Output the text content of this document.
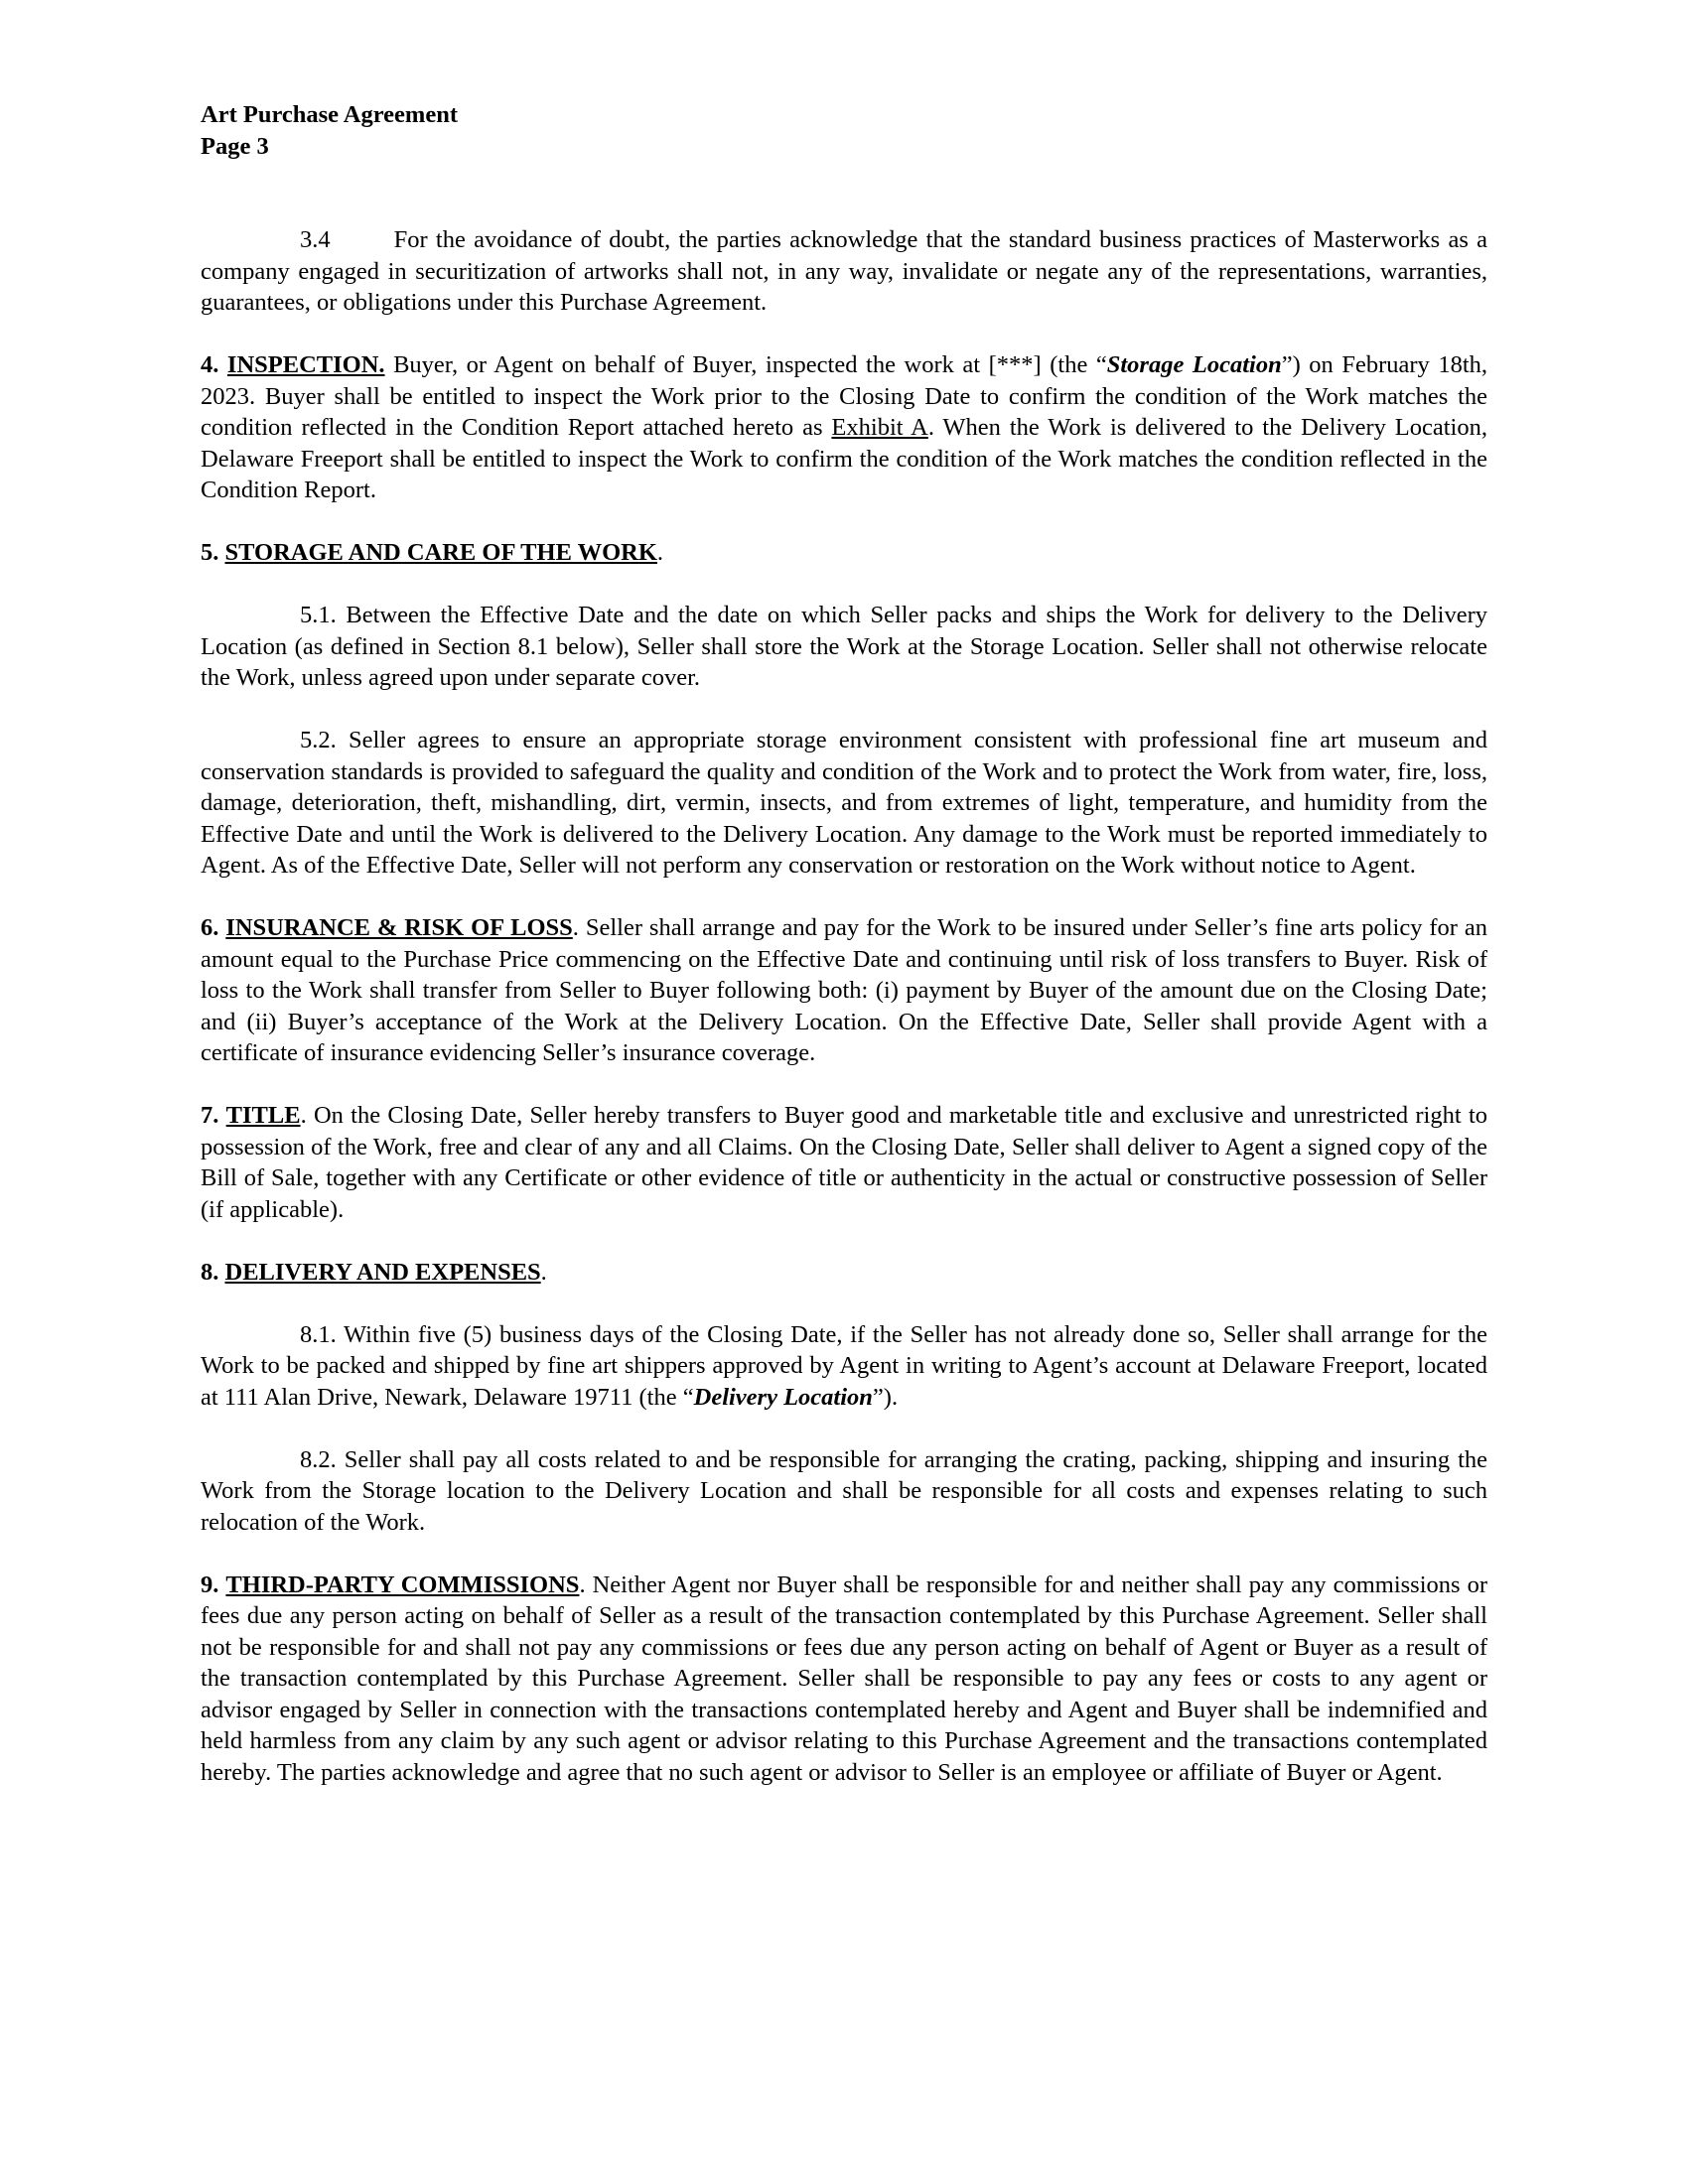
Art Purchase Agreement
Page 3

3.4	For the avoidance of doubt, the parties acknowledge that the standard business practices of Masterworks as a company engaged in securitization of artworks shall not, in any way, invalidate or negate any of the representations, warranties, guarantees, or obligations under this Purchase Agreement.

4. INSPECTION. Buyer, or Agent on behalf of Buyer, inspected the work at [***] (the “Storage Location”) on February 18th, 2023. Buyer shall be entitled to inspect the Work prior to the Closing Date to confirm the condition of the Work matches the condition reflected in the Condition Report attached hereto as Exhibit A. When the Work is delivered to the Delivery Location, Delaware Freeport shall be entitled to inspect the Work to confirm the condition of the Work matches the condition reflected in the Condition Report.

5. STORAGE AND CARE OF THE WORK.

5.1. Between the Effective Date and the date on which Seller packs and ships the Work for delivery to the Delivery Location (as defined in Section 8.1 below), Seller shall store the Work at the Storage Location. Seller shall not otherwise relocate the Work, unless agreed upon under separate cover.

5.2. Seller agrees to ensure an appropriate storage environment consistent with professional fine art museum and conservation standards is provided to safeguard the quality and condition of the Work and to protect the Work from water, fire, loss, damage, deterioration, theft, mishandling, dirt, vermin, insects, and from extremes of light, temperature, and humidity from the Effective Date and until the Work is delivered to the Delivery Location. Any damage to the Work must be reported immediately to Agent. As of the Effective Date, Seller will not perform any conservation or restoration on the Work without notice to Agent.

6. INSURANCE & RISK OF LOSS. Seller shall arrange and pay for the Work to be insured under Seller’s fine arts policy for an amount equal to the Purchase Price commencing on the Effective Date and continuing until risk of loss transfers to Buyer. Risk of loss to the Work shall transfer from Seller to Buyer following both: (i) payment by Buyer of the amount due on the Closing Date; and (ii) Buyer’s acceptance of the Work at the Delivery Location. On the Effective Date, Seller shall provide Agent with a certificate of insurance evidencing Seller’s insurance coverage.

7. TITLE. On the Closing Date, Seller hereby transfers to Buyer good and marketable title and exclusive and unrestricted right to possession of the Work, free and clear of any and all Claims. On the Closing Date, Seller shall deliver to Agent a signed copy of the Bill of Sale, together with any Certificate or other evidence of title or authenticity in the actual or constructive possession of Seller (if applicable).

8. DELIVERY AND EXPENSES.

8.1. Within five (5) business days of the Closing Date, if the Seller has not already done so, Seller shall arrange for the Work to be packed and shipped by fine art shippers approved by Agent in writing to Agent’s account at Delaware Freeport, located at 111 Alan Drive, Newark, Delaware 19711 (the “Delivery Location”).

8.2. Seller shall pay all costs related to and be responsible for arranging the crating, packing, shipping and insuring the Work from the Storage location to the Delivery Location and shall be responsible for all costs and expenses relating to such relocation of the Work.

9. THIRD-PARTY COMMISSIONS. Neither Agent nor Buyer shall be responsible for and neither shall pay any commissions or fees due any person acting on behalf of Seller as a result of the transaction contemplated by this Purchase Agreement. Seller shall not be responsible for and shall not pay any commissions or fees due any person acting on behalf of Agent or Buyer as a result of the transaction contemplated by this Purchase Agreement. Seller shall be responsible to pay any fees or costs to any agent or advisor engaged by Seller in connection with the transactions contemplated hereby and Agent and Buyer shall be indemnified and held harmless from any claim by any such agent or advisor relating to this Purchase Agreement and the transactions contemplated hereby. The parties acknowledge and agree that no such agent or advisor to Seller is an employee or affiliate of Buyer or Agent.
